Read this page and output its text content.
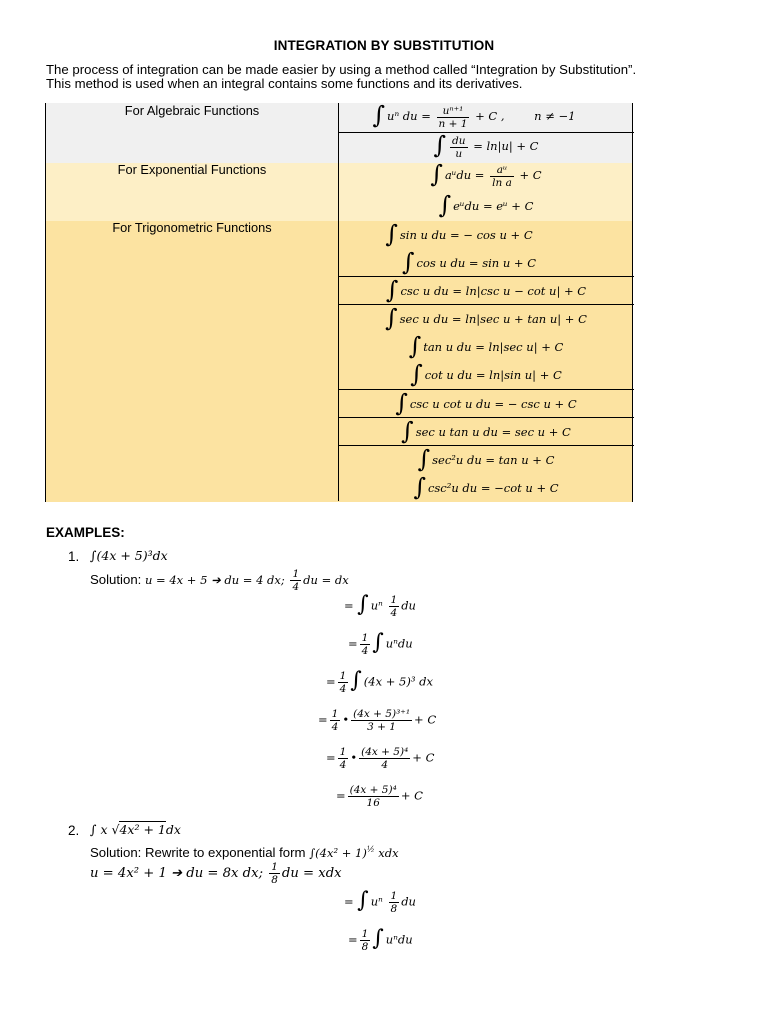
INTEGRATION BY SUBSTITUTION
The process of integration can be made easier by using a method called “Integration by Substitution”.
This method is used when an integral contains some functions and its derivatives.
For Algebraic Functions
For Exponential Functions
For Trigonometric Functions
∫ uⁿ du = $\frac{\text{uⁿ⁺¹}}{n + 1} + C$ ,	n ≠ −1
∫ $\frac{du}{u} = \ln|u| + C$
∫ aᵘdu = $\frac{\text{aᵘ}}{\text{ln a}} + C$
∫ eᵘdu = eᵘ + C
∫ sin u du = − cos u + C
∫ cos u du = sin u + C
∫ csc u du = ln|csc u − cot u| + C
∫ sec u du = ln|sec u + tan u| + C
∫ tan u du = ln|sec u| + C
∫ cot u du = ln|sin u| + C
∫ csc u cot u du = − csc u + C
∫ sec u tan u du = sec u + C
∫ sec²u du = tan u + C
∫ csc²u du = −cot u + C
EXAMPLES:
1. ∫(4x + 5)³dx
Solution: u = 4x + 5 ➔ du = 4 dx; $\frac{1}{4}$ du = dx
= ∫ uⁿ $\frac{1}{4}$ du
= $\frac{1}{4}$ ∫ uⁿdu
= $\frac{1}{4}$ ∫ (4x + 5)³ dx
= $\frac{1}{4}$ • $\frac{\text{(4x + 5)³⁺¹}}{3 + 1} + C$
= $\frac{1}{4}$ • $\frac{\text{(4x + 5)⁴}}{4} + C$
= $\frac{\text{(4x + 5)⁴}}{16} + C$
2. ∫ x √4x² + 1dx
Solution: Rewrite to exponential form $\int(4x^2 + 1)^{\frac{1}{2}}$ xdx
u = 4x² + 1 ➔ du = 8x dx; $\frac{1}{8}$ du = xdx
= ∫ uⁿ $\frac{1}{8}$ du
= $\frac{1}{8}$ ∫ uⁿdu
